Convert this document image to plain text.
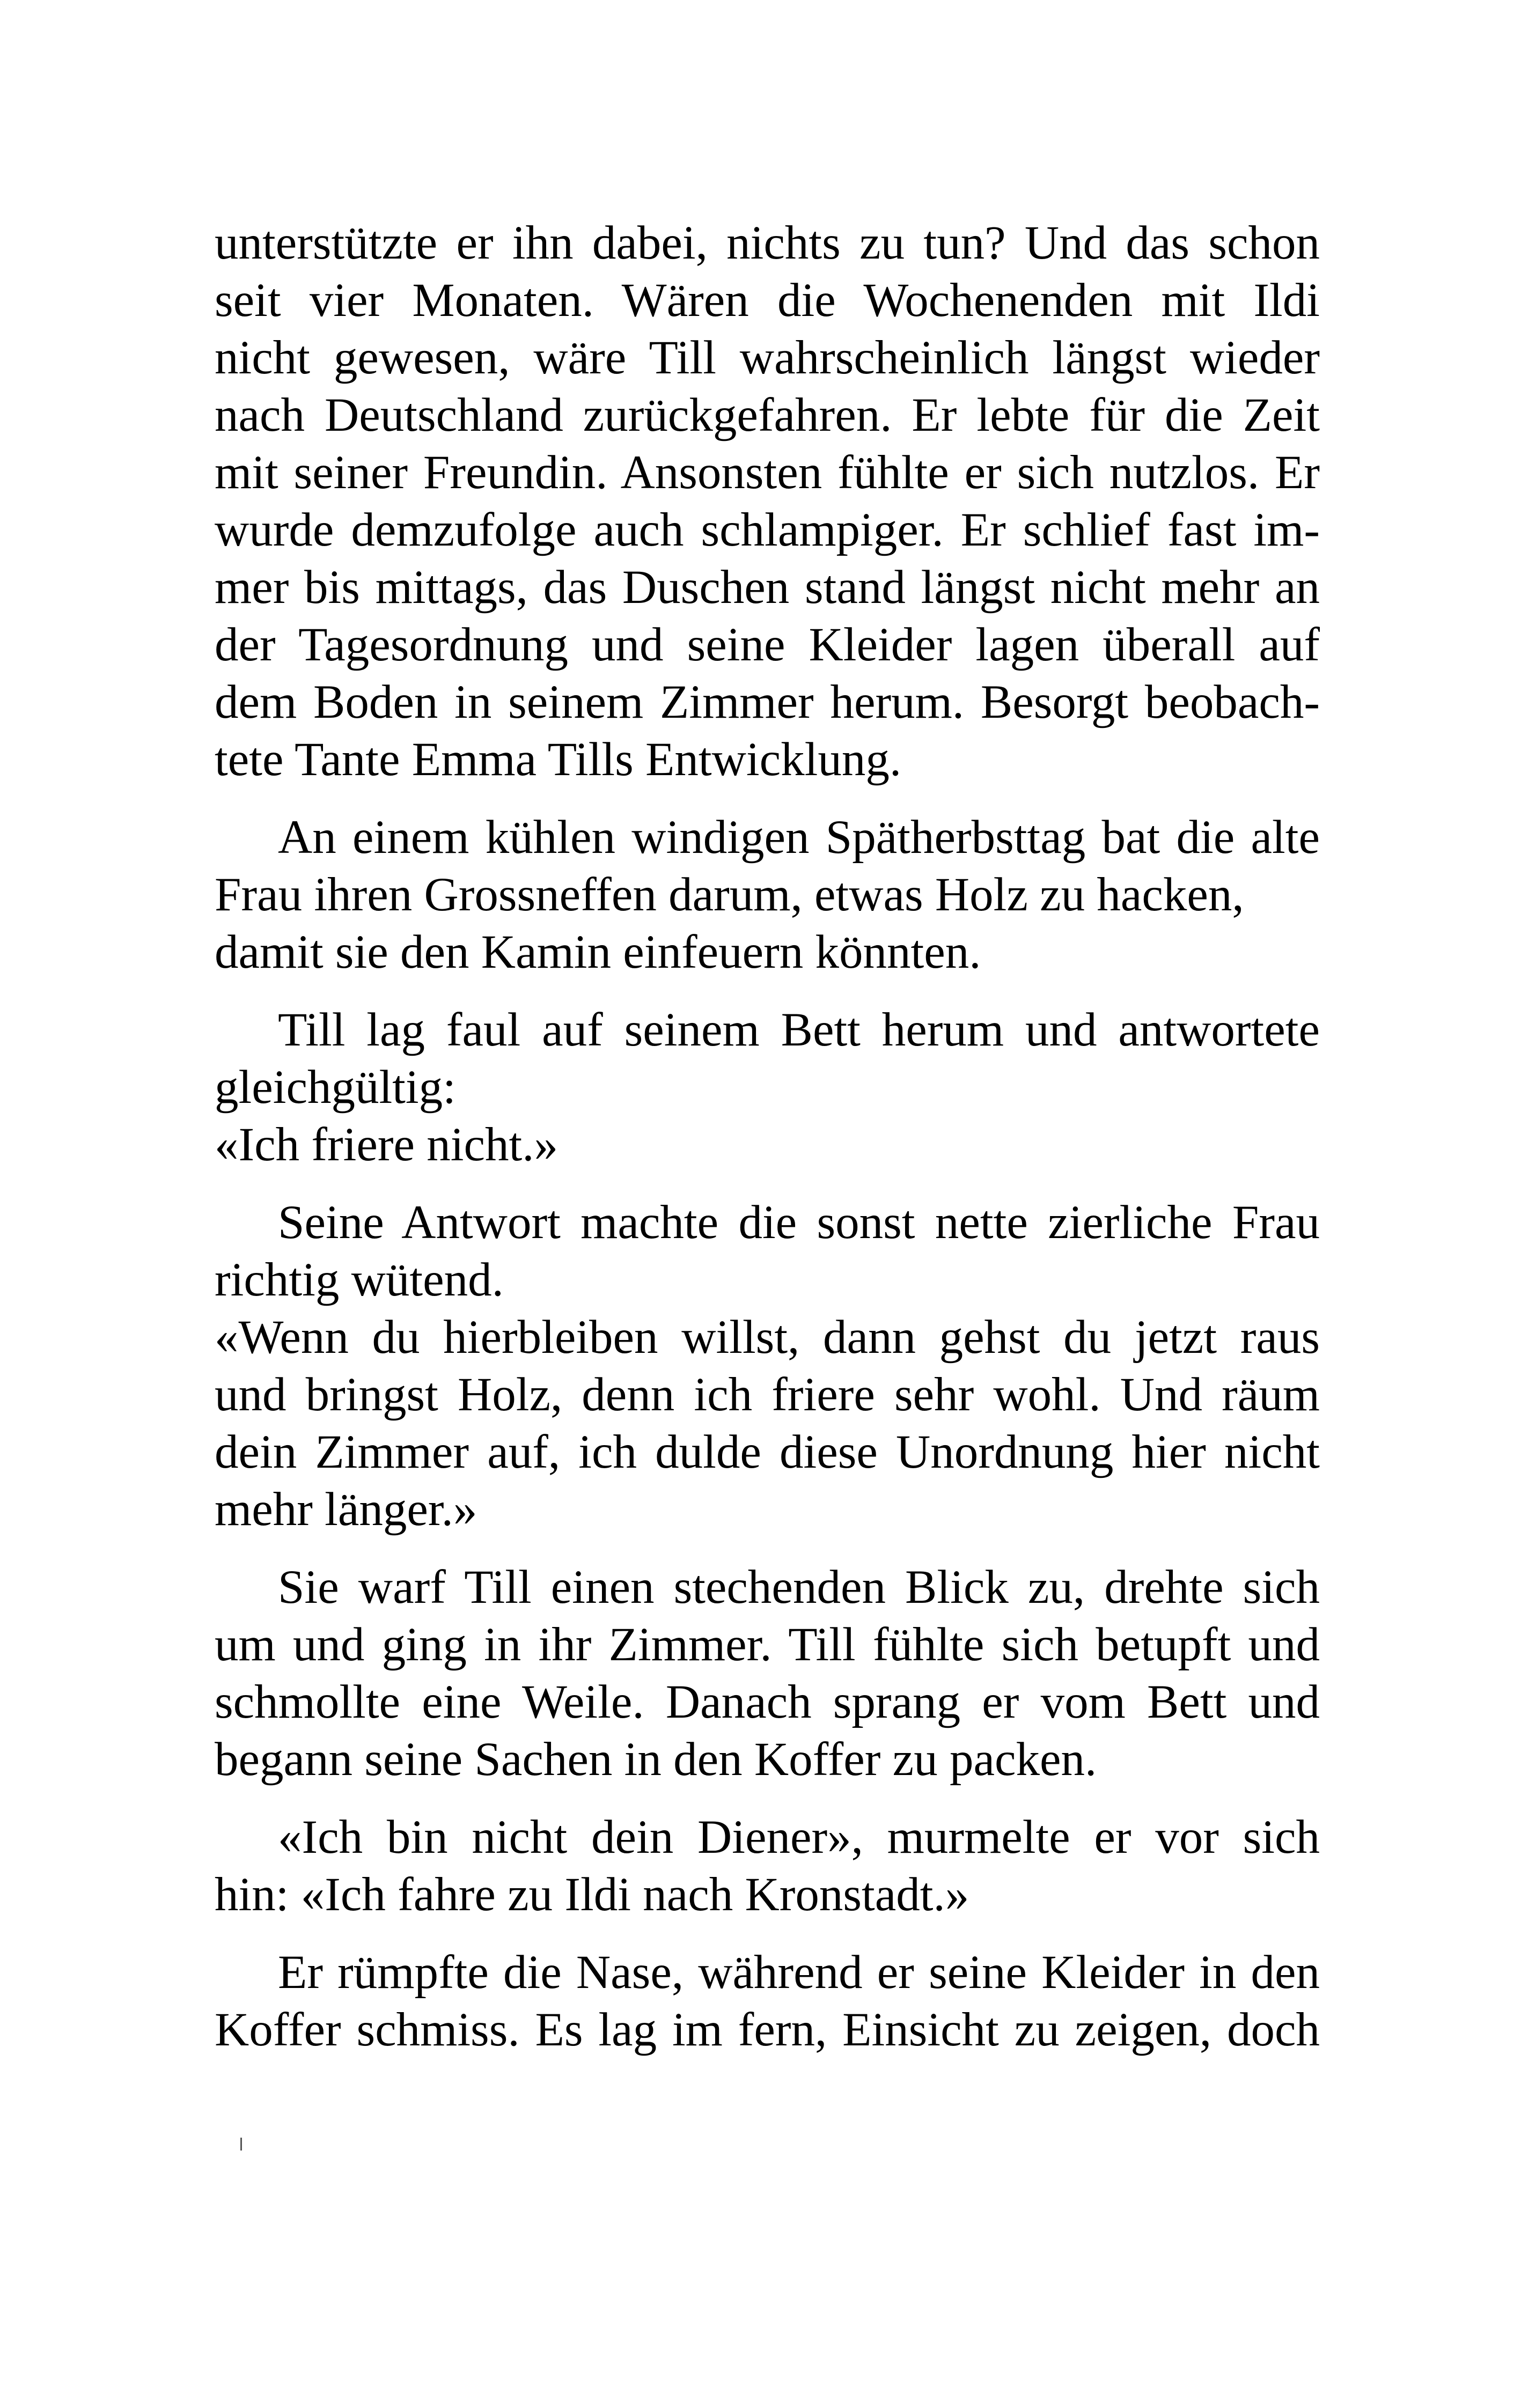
unterstützte er ihn dabei, nichts zu tun? Und das schon
seit vier Monaten. Wären die Wochenenden mit Ildi
nicht gewesen, wäre Till wahrscheinlich längst wieder
nach Deutschland zurückgefahren. Er lebte für die Zeit
mit seiner Freundin. Ansonsten fühlte er sich nutzlos. Er
wurde demzufolge auch schlampiger. Er schlief fast im-
mer bis mittags, das Duschen stand längst nicht mehr an
der Tagesordnung und seine Kleider lagen überall auf
dem Boden in seinem Zimmer herum. Besorgt beobach-
tete Tante Emma Tills Entwicklung.
An einem kühlen windigen Spätherbsttag bat die alte
Frau ihren Grossneffen darum, etwas Holz zu hacken,
damit sie den Kamin einfeuern könnten.
Till lag faul auf seinem Bett herum und antwortete
gleichgültig:
«Ich friere nicht.»
Seine Antwort machte die sonst nette zierliche Frau
richtig wütend.
«Wenn du hierbleiben willst, dann gehst du jetzt raus
und bringst Holz, denn ich friere sehr wohl. Und räum
dein Zimmer auf, ich dulde diese Unordnung hier nicht
mehr länger.»
Sie warf Till einen stechenden Blick zu, drehte sich
um und ging in ihr Zimmer. Till fühlte sich betupft und
schmollte eine Weile. Danach sprang er vom Bett und
begann seine Sachen in den Koffer zu packen.
«Ich bin nicht dein Diener», murmelte er vor sich
hin: «Ich fahre zu Ildi nach Kronstadt.»
Er rümpfte die Nase, während er seine Kleider in den
Koffer schmiss. Es lag im fern, Einsicht zu zeigen, doch
